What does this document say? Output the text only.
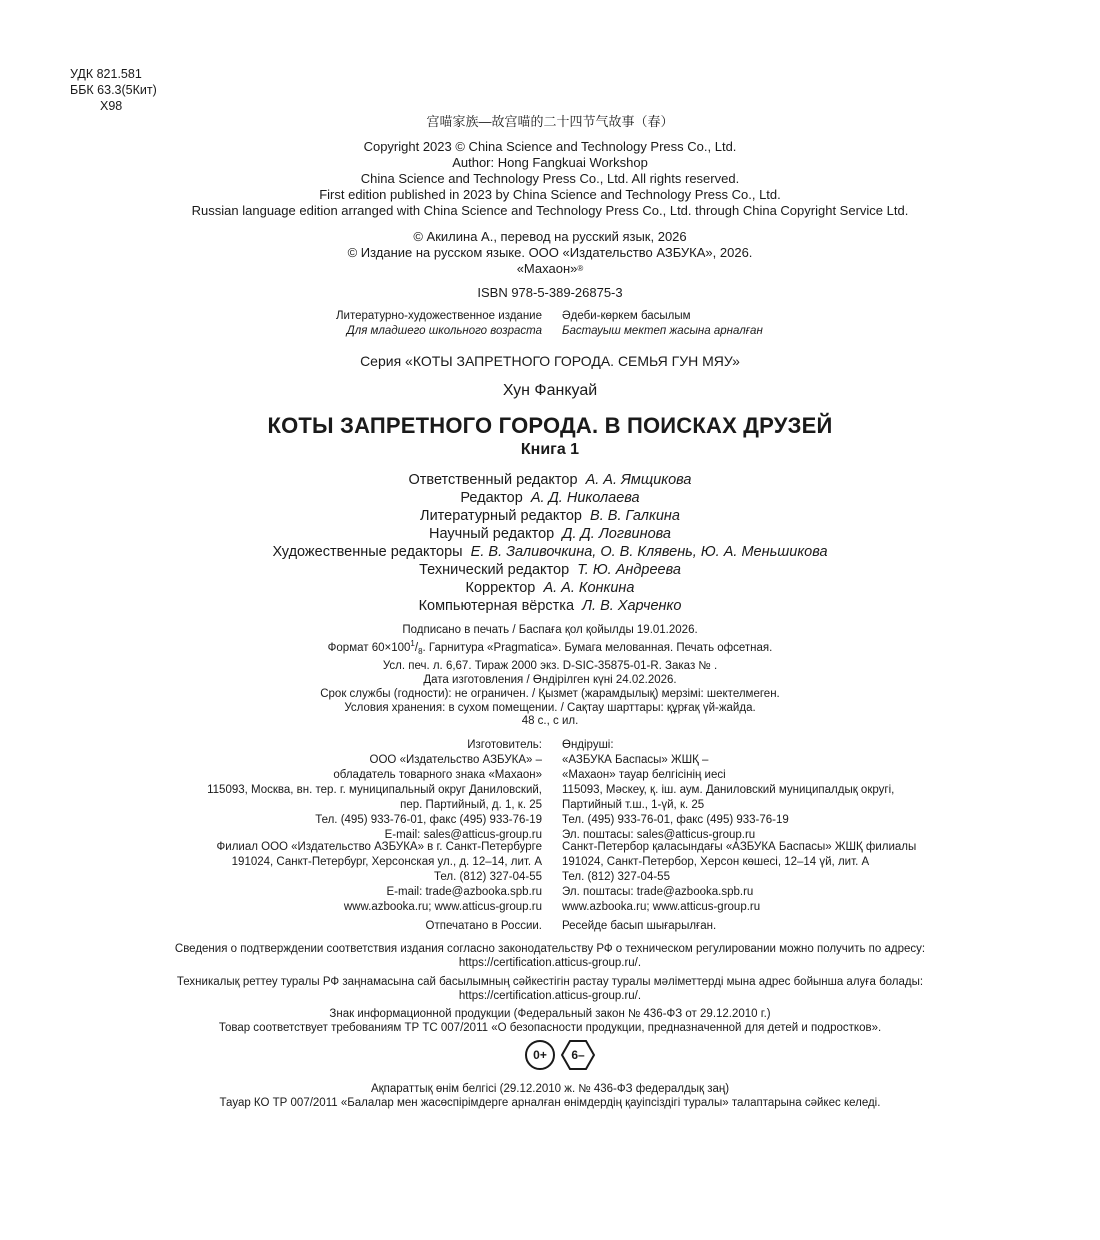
УДК 821.581
ББК 63.3(5Кит)
Х98
宫喵家族—故宫喵的二十四节气故事（春）
Copyright 2023 © China Science and Technology Press Co., Ltd.
Author: Hong Fangkuai Workshop
China Science and Technology Press Co., Ltd. All rights reserved.
First edition published in 2023 by China Science and Technology Press Co., Ltd.
Russian language edition arranged with China Science and Technology Press Co., Ltd. through China Copyright Service Ltd.
© Акилина А., перевод на русский язык, 2026
© Издание на русском языке. ООО «Издательство АЗБУКА», 2026.
«Махаон»®
ISBN 978-5-389-26875-3
Литературно-художественное издание	Әдеби-көркем басылым
Для младшего школьного возраста	Бастауыш мектеп жасына арналған
Серия «КОТЫ ЗАПРЕТНОГО ГОРОДА. СЕМЬЯ ГУН МЯУ»
Хун Фанкуай
КОТЫ ЗАПРЕТНОГО ГОРОДА. В ПОИСКАХ ДРУЗЕЙ
Книга 1
Ответственный редактор А. А. Ямщикова
Редактор А. Д. Николаева
Литературный редактор В. В. Галкина
Научный редактор Д. Д. Логвинова
Художественные редакторы Е. В. Заливочкина, О. В. Клявень, Ю. А. Меньшикова
Технический редактор Т. Ю. Андреева
Корректор А. А. Конкина
Компьютерная вёрстка Л. В. Харченко
Подписано в печать / Баспаға қол қойылды 19.01.2026.
Формат $60\times 100^1/_8$. Гарнитура «Pragmatica». Бумага мелованная. Печать офсетная.
Усл. печ. л. 6,67. Тираж 2000 экз. D-SIC-35875-01-R. Заказ № .
Дата изготовления / Өндірілген күні 24.02.2026.
Срок службы (годности): не ограничен. / Қызмет (жарамдылық) мерзімі: шектелмеген.
Условия хранения: в сухом помещении. / Сақтау шарттары: құрғақ үй-жайда.
48 с., с ил.
Изготовитель:	Өндіруші:
ООО «Издательство АЗБУКА» –	«АЗБУКА Баспасы» ЖШҚ –
обладатель товарного знака «Махаон»	«Махаон» тауар белгісінің иесі
115093, Москва, вн. тер. г. муниципальный округ Даниловский,	115093, Мәскеу, қ. іш. аум. Даниловский муниципалдық округі,
пер. Партийный, д. 1, к. 25	Партийный т.ш., 1-үй, к. 25
Тел. (495) 933-76-01, факс (495) 933-76-19	Тел. (495) 933-76-01, факс (495) 933-76-19
E-mail: sales@atticus-group.ru	Эл. поштасы: sales@atticus-group.ru
Филиал ООО «Издательство АЗБУКА» в г. Санкт-Петербурге	Санкт-Петербор қаласындағы «АЗБУКА Баспасы» ЖШҚ филиалы
191024, Санкт-Петербург, Херсонская ул., д. 12–14, лит. А	191024, Санкт-Петербор, Херсон көшесі, 12–14 үй, лит. А
Тел. (812) 327-04-55	Тел. (812) 327-04-55
E-mail: trade@azbooka.spb.ru	Эл. поштасы: trade@azbooka.spb.ru
www.azbooka.ru; www.atticus-group.ru	www.azbooka.ru; www.atticus-group.ru
Отпечатано в России.	Ресейде басып шығарылған.
Сведения о подтверждении соответствия издания согласно законодательству РФ о техническом регулировании можно получить по адресу:
https://certification.atticus-group.ru/.
Техникалық реттеу туралы РФ заңнамасына сай басылымның сәйкестігін растау туралы мәліметтерді мына адрес бойынша алуға болады:
https://certification.atticus-group.ru/.
Знак информационной продукции (Федеральный закон № 436-ФЗ от 29.12.2010 г.)
Товар соответствует требованиям ТР ТС 007/2011 «О безопасности продукции, предназначенной для детей и подростков».
0+	6–
Ақпараттық өнім белгісі (29.12.2010 ж. № 436-ФЗ федералдық заң)
Тауар КО ТР 007/2011 «Балалар мен жасөспірімдерге арналған өнімдердің қауіпсіздігі туралы» талаптарына сәйкес келеді.
